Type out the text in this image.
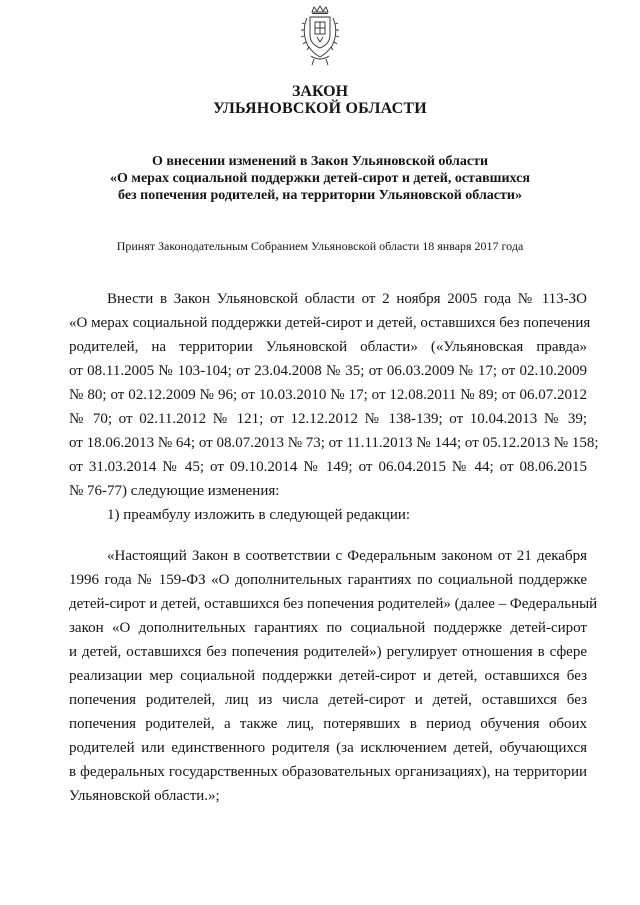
ЗАКОН
УЛЬЯНОВСКОЙ ОБЛАСТИ
О внесении изменений в Закон Ульяновской области
«О мерах социальной поддержки детей-сирот и детей, оставшихся
без попечения родителей, на территории Ульяновской области»
Принят Законодательным Собранием Ульяновской области 18 января 2017 года
Внести в Закон Ульяновской области от 2 ноября 2005 года № 113-ЗО
«О мерах социальной поддержки детей-сирот и детей, оставшихся без попечения
родителей, на территории Ульяновской области» («Ульяновская правда»
от 08.11.2005 № 103-104; от 23.04.2008 № 35; от 06.03.2009 № 17; от 02.10.2009
№ 80; от 02.12.2009 № 96; от 10.03.2010 № 17; от 12.08.2011 № 89; от 06.07.2012
№ 70; от 02.11.2012 № 121; от 12.12.2012 № 138-139; от 10.04.2013 № 39;
от 18.06.2013 № 64; от 08.07.2013 № 73; от 11.11.2013 № 144; от 05.12.2013 № 158;
от 31.03.2014 № 45; от 09.10.2014 № 149; от 06.04.2015 № 44; от 08.06.2015
№ 76-77) следующие изменения:
1) преамбулу изложить в следующей редакции:
«Настоящий Закон в соответствии с Федеральным законом от 21 декабря
1996 года № 159-ФЗ «О дополнительных гарантиях по социальной поддержке
детей-сирот и детей, оставшихся без попечения родителей» (далее – Федеральный
закон «О дополнительных гарантиях по социальной поддержке детей-сирот
и детей, оставшихся без попечения родителей») регулирует отношения в сфере
реализации мер социальной поддержки детей-сирот и детей, оставшихся без
попечения родителей, лиц из числа детей-сирот и детей, оставшихся без
попечения родителей, а также лиц, потерявших в период обучения обоих
родителей или единственного родителя (за исключением детей, обучающихся
в федеральных государственных образовательных организациях), на территории
Ульяновской области.»;
